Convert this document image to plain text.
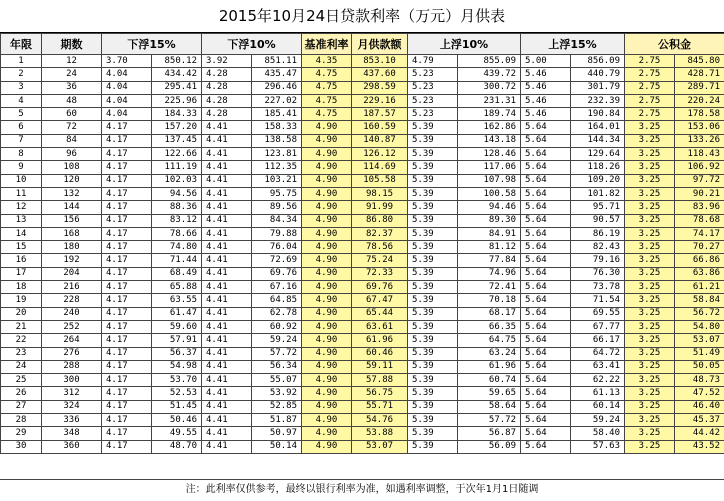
2015年10月24日贷款利率（万元）月供表
年限	期数	下浮15%		下浮10%		基准利率	月供款额	上浮10%		上浮15%		公积金	
1	12	3.70	850.12	3.92	851.11	4.35	853.10	4.79	855.09	5.00	856.09	2.75	845.80
2	24	4.04	434.42	4.28	435.47	4.75	437.60	5.23	439.72	5.46	440.79	2.75	428.71
3	36	4.04	295.41	4.28	296.46	4.75	298.59	5.23	300.72	5.46	301.79	2.75	289.71
4	48	4.04	225.96	4.28	227.02	4.75	229.16	5.23	231.31	5.46	232.39	2.75	220.24
5	60	4.04	184.33	4.28	185.41	4.75	187.57	5.23	189.74	5.46	190.84	2.75	178.58
6	72	4.17	157.20	4.41	158.33	4.90	160.59	5.39	162.86	5.64	164.01	3.25	153.06
7	84	4.17	137.45	4.41	138.58	4.90	140.87	5.39	143.18	5.64	144.34	3.25	133.26
8	96	4.17	122.66	4.41	123.81	4.90	126.12	5.39	128.46	5.64	129.64	3.25	118.43
9	108	4.17	111.19	4.41	112.35	4.90	114.69	5.39	117.06	5.64	118.26	3.25	106.92
10	120	4.17	102.03	4.41	103.21	4.90	105.58	5.39	107.98	5.64	109.20	3.25	97.72
11	132	4.17	94.56	4.41	95.75	4.90	98.15	5.39	100.58	5.64	101.82	3.25	90.21
12	144	4.17	88.36	4.41	89.56	4.90	91.99	5.39	94.46	5.64	95.71	3.25	83.96
13	156	4.17	83.12	4.41	84.34	4.90	86.80	5.39	89.30	5.64	90.57	3.25	78.68
14	168	4.17	78.66	4.41	79.88	4.90	82.37	5.39	84.91	5.64	86.19	3.25	74.17
15	180	4.17	74.80	4.41	76.04	4.90	78.56	5.39	81.12	5.64	82.43	3.25	70.27
16	192	4.17	71.44	4.41	72.69	4.90	75.24	5.39	77.84	5.64	79.16	3.25	66.86
17	204	4.17	68.49	4.41	69.76	4.90	72.33	5.39	74.96	5.64	76.30	3.25	63.86
18	216	4.17	65.88	4.41	67.16	4.90	69.76	5.39	72.41	5.64	73.78	3.25	61.21
19	228	4.17	63.55	4.41	64.85	4.90	67.47	5.39	70.18	5.64	71.54	3.25	58.84
20	240	4.17	61.47	4.41	62.78	4.90	65.44	5.39	68.17	5.64	69.55	3.25	56.72
21	252	4.17	59.60	4.41	60.92	4.90	63.61	5.39	66.35	5.64	67.77	3.25	54.80
22	264	4.17	57.91	4.41	59.24	4.90	61.96	5.39	64.75	5.64	66.17	3.25	53.07
23	276	4.17	56.37	4.41	57.72	4.90	60.46	5.39	63.24	5.64	64.72	3.25	51.49
24	288	4.17	54.98	4.41	56.34	4.90	59.11	5.39	61.96	5.64	63.41	3.25	50.05
25	300	4.17	53.70	4.41	55.07	4.90	57.88	5.39	60.74	5.64	62.22	3.25	48.73
26	312	4.17	52.53	4.41	53.92	4.90	56.75	5.39	59.65	5.64	61.13	3.25	47.52
27	324	4.17	51.45	4.41	52.85	4.90	55.71	5.39	58.64	5.64	60.14	3.25	46.40
28	336	4.17	50.46	4.41	51.87	4.90	54.76	5.39	57.72	5.64	59.24	3.25	45.37
29	348	4.17	49.55	4.41	50.97	4.90	53.88	5.39	56.87	5.64	58.40	3.25	44.42
30	360	4.17	48.70	4.41	50.14	4.90	53.07	5.39	56.09	5.64	57.63	3.25	43.52
注：此利率仅供参考，最终以银行利率为准，如遇利率调整，于次年1月1日随调
